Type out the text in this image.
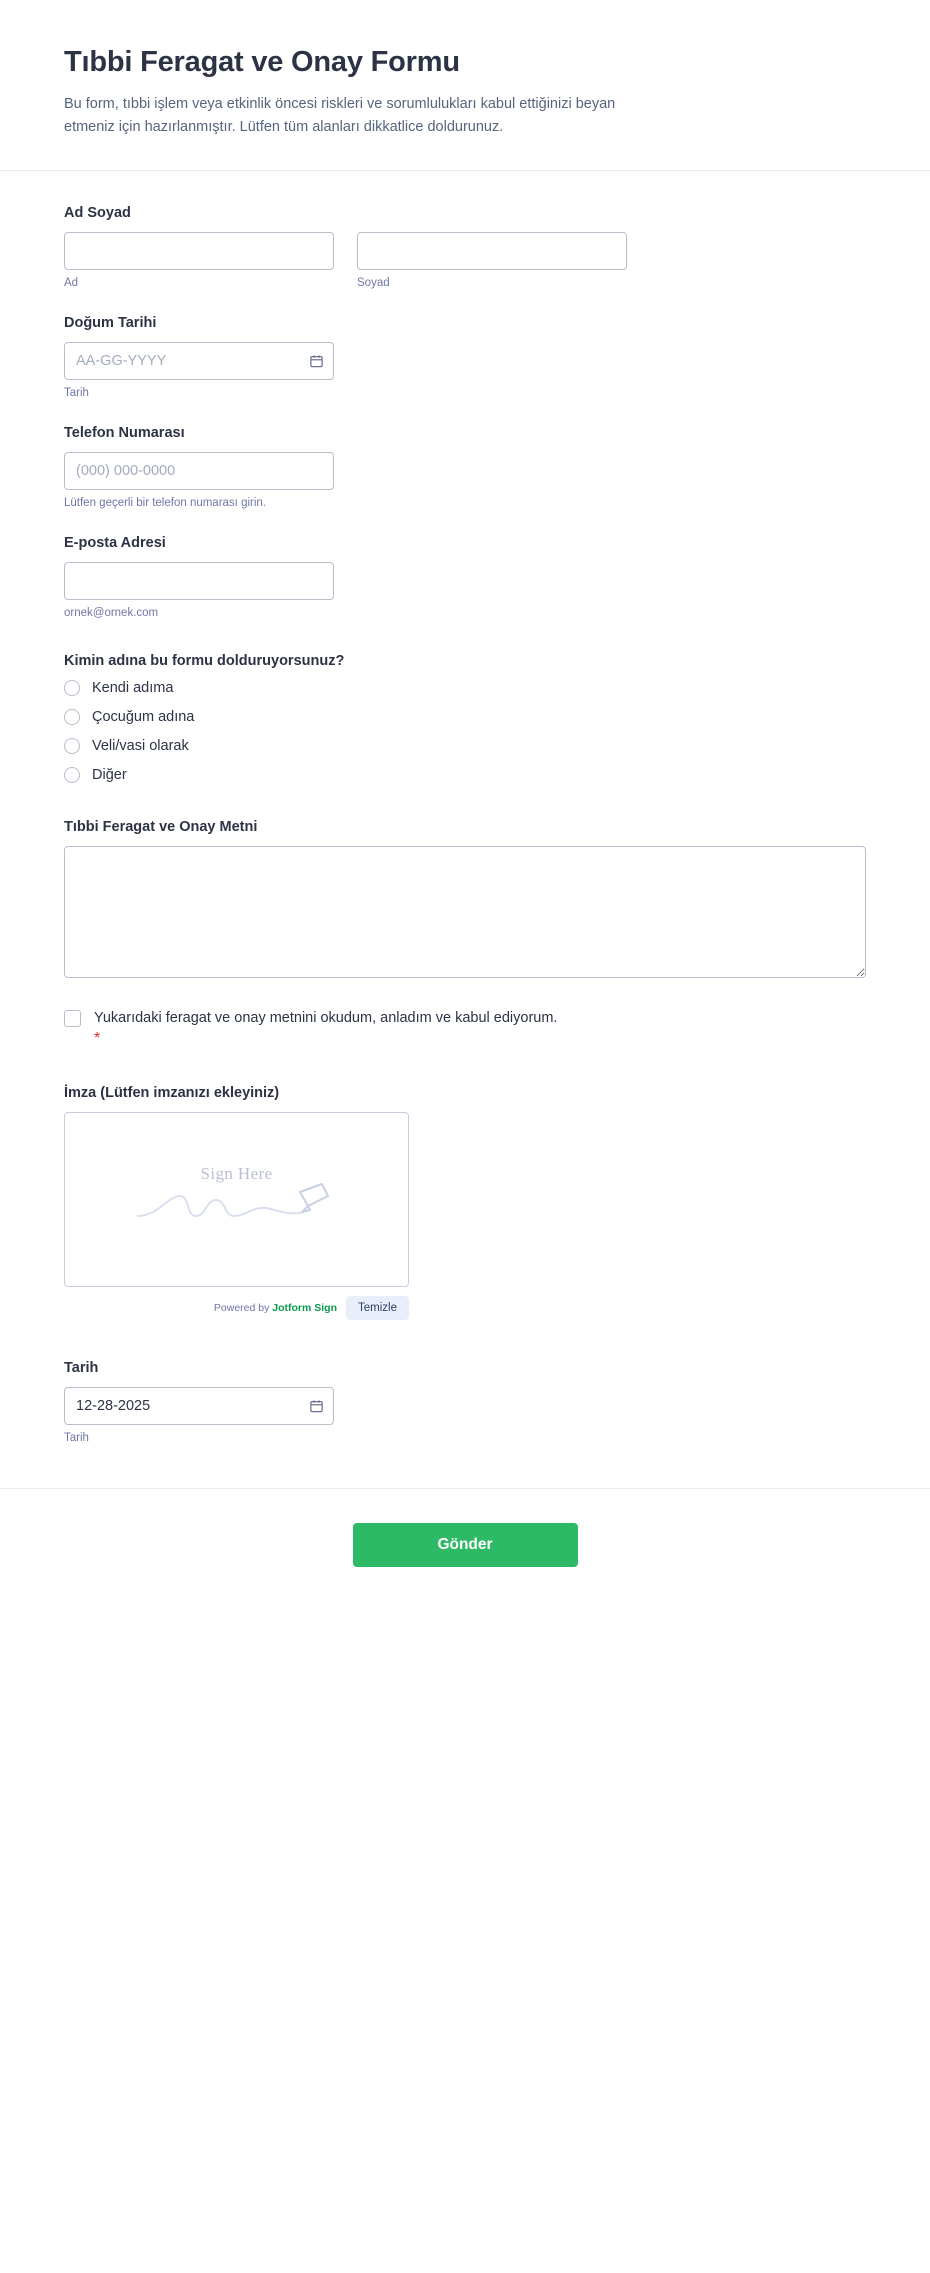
Tıbbi Feragat ve Onay Formu

Bu form, tıbbi işlem veya etkinlik öncesi riskleri ve sorumlulukları kabul ettiğinizi beyan etmeniz için hazırlanmıştır. Lütfen tüm alanları dikkatlice doldurunuz.

Ad Soyad
Ad	Soyad
Doğum Tarihi
AA-GG-YYYY
Tarih
Telefon Numarası
(000) 000-0000
Lütfen geçerli bir telefon numarası girin.
E-posta Adresi
ornek@ornek.com
Kimin adına bu formu dolduruyorsunuz?
Kendi adıma
Çocuğum adına
Veli/vasi olarak
Diğer
Tıbbi Feragat ve Onay Metni
Yukarıdaki feragat ve onay metnini okudum, anladım ve kabul ediyorum.
*
İmza (Lütfen imzanızı ekleyiniz)
Sign Here
Powered by Jotform Sign	Temizle
Tarih
12-28-2025
Tarih
Gönder
